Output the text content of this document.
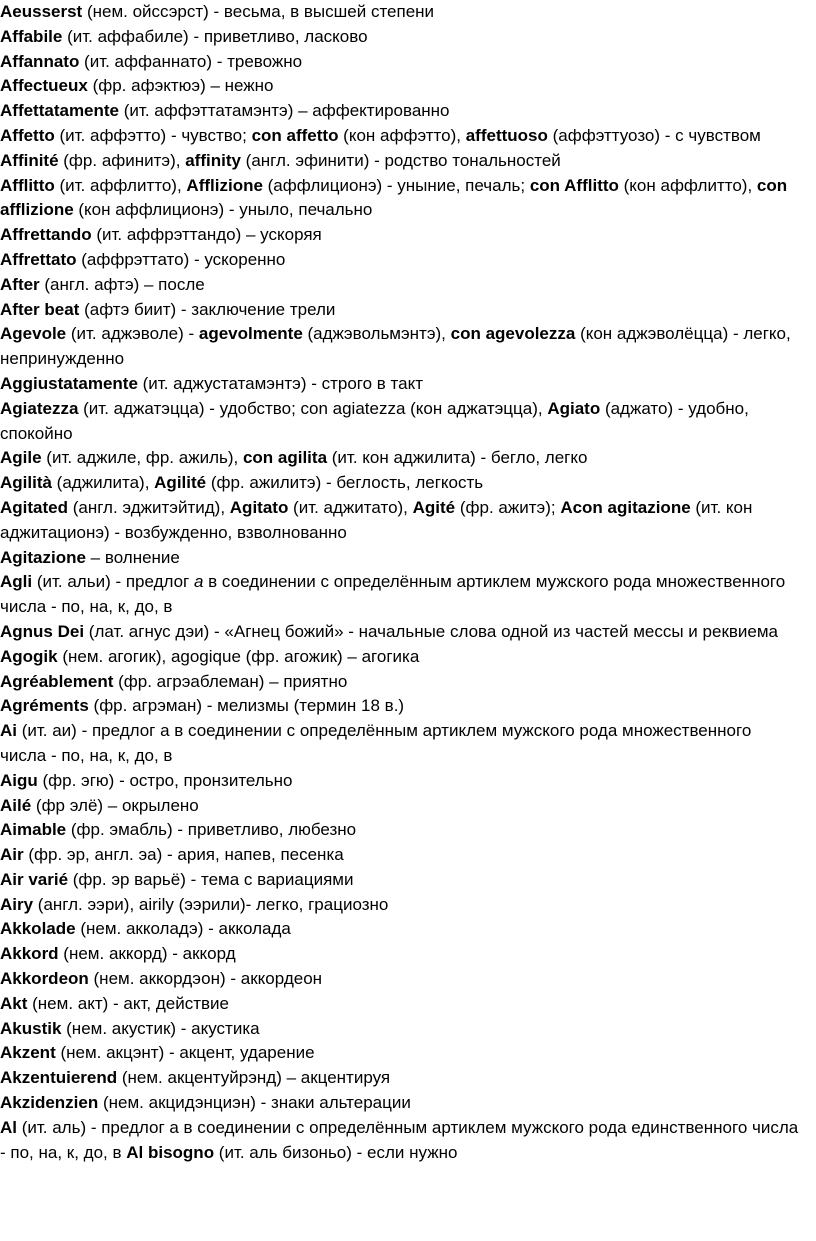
Aeusserst (нем. ойссэрст) - весьма, в высшей степени
Affabile (ит. аффабиле) - приветливо, ласково
Affannato (ит. аффаннато) - тревожно
Affectueux (фр. афэктюэ) – нежно
Affettatamente (ит. аффэттатамэнтэ) – аффектированно
Affetto (ит. аффэтто) - чувство; con affetto (кон аффэтто), affettuoso (аффэттуозо) - с чувством
Affinité (фр. афинитэ), affinity (англ. эфинити) - родство тональностей
Afflitto (ит. аффлитто), Afflizione (аффлиционэ) - уныние, печаль; con Afflitto (кон аффлитто), con afflizione (кон аффлиционэ) - уныло, печально
Affrettando (ит. аффрэттандо) – ускоряя
Affrettato (аффрэттато) - ускоренно
After (англ. афтэ) – после
After beat (афтэ биит) - заключение трели
Agevole (ит. аджэволе) - agevolmente (аджэвольмэнтэ), con agevolezza (кон аджэволёцца) - легко, непринужденно
Aggiustatamente (ит. аджустатамэнтэ) - строго в такт
Agiatezza (ит. аджатэцца) - удобство; con agiatezza (кон аджатэцца), Agiato (аджато) - удобно, спокойно
Agile (ит. аджиле, фр. ажиль), con agilita (ит. кон аджилита) - бегло, легко
Agilità (аджилита), Agilité (фр. ажилитэ) - беглость, легкость
Agitated (англ. эджитэйтид), Agitato (ит. аджитато), Agité (фр. ажитэ); Acon agitazione (ит. кон аджитационэ) - возбужденно, взволнованно
Agitazione – волнение
Agli (ит. альи) - предлог a в соединении с определённым артиклем мужского рода множественного числа - по, на, к, до, в
Agnus Dei (лат. агнус дэи) - «Агнец божий» - начальные слова одной из частей мессы и реквиема
Agogik (нем. агогик), agogique (фр. агожик) – агогика
Agréablement (фр. агрэаблеман) – приятно
Agréments (фр. агрэман) - мелизмы (термин 18 в.)
Ai (ит. аи) - предлог а в соединении с определённым артиклем мужского рода множественного числа - по, на, к, до, в
Aigu (фр. эгю) - остро, пронзительно
Ailé (фр элё) – окрылено
Aimable (фр. эмабль) - приветливо, любезно
Air (фр. эр, англ. эа) - ария, напев, песенка
Air varié (фр. эр варьё) - тема с вариациями
Airy (англ. ээри), airily (ээрили)- легко, грациозно
Akkolade (нем. акколадэ) - акколада
Akkord (нем. аккорд) - аккорд
Akkordeon (нем. аккордэон) - аккордеон
Akt (нем. акт) - акт, действие
Akustik (нем. акустик) - акустика
Akzent (нем. акцэнт) - акцент, ударение
Akzentuierend (нем. акцентуйрэнд) – акцентируя
Akzidenzien (нем. акцидэнциэн) - знаки альтерации
Al (ит. аль) - предлог а в соединении с определённым артиклем мужского рода единственного числа - по, на, к, до, в Al bisogno (ит. аль бизоньо) - если нужно
